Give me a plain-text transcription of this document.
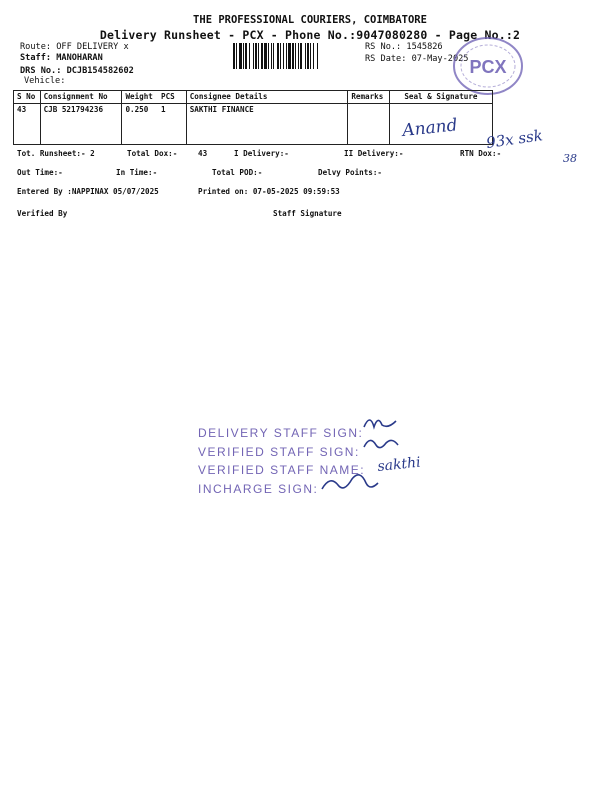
THE PROFESSIONAL COURIERS, COIMBATORE
Delivery Runsheet - PCX - Phone No.:9047080280 - Page No.:2
Route: OFF DELIVERY x
Staff: MANOHARAN
DRS No.: DCJB154582602
Vehicle:
RS No.: 1545826
RS Date: 07-May-2025 PCX
S No	Consignment No	Weight	PCS	Consignee Details	Remarks	Seal & Signature
43	CJB 521794236	0.250	1	SAKTHI FINANCE		
Anand 93x ssk
38
Tot. Runsheet:- 2	Total Dox:-	43	I Delivery:-	II Delivery:-	RTN Dox:-
Out Time:-	In Time:-	Total POD:-	Delvy Points:-
Entered By :NAPPINAX 05/07/2025	Printed on: 07-05-2025 09:59:53
Verified By	Staff Signature
DELIVERY STAFF SIGN:
VERIFIED STAFF SIGN:
VERIFIED STAFF NAME:
INCHARGE SIGN:
sakthi
